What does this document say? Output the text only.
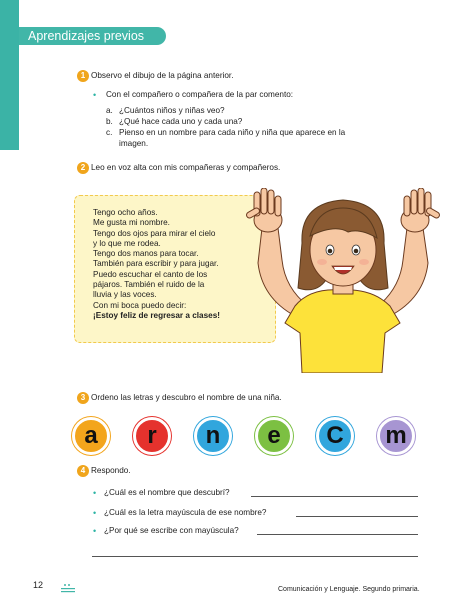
Aprendizajes previos
1 Observo el dibujo de la página anterior.
• Con el compañero o compañera de la par comento:
a. ¿Cuántos niños y niñas veo?
b. ¿Qué hace cada uno y cada una?
c. Pienso en un nombre para cada niño y niña que aparece en la
imagen.
2 Leo en voz alta con mis compañeras y compañeros.
Tengo ocho años.
Me gusta mi nombre.
Tengo dos ojos para mirar el cielo
y lo que me rodea.
Tengo dos manos para tocar.
También para escribir y para jugar.
Puedo escuchar el canto de los
pájaros. También el ruido de la
lluvia y las voces.
Con mi boca puedo decir:
¡Estoy feliz de regresar a clases!
3 Ordeno las letras y descubro el nombre de una niña.
a	r	n	e	C	m
4 Respondo.
• ¿Cuál es el nombre que descubrí?
• ¿Cuál es la letra mayúscula de ese nombre?
• ¿Por qué se escribe con mayúscula?
12	Comunicación y Lenguaje. Segundo primaria.
